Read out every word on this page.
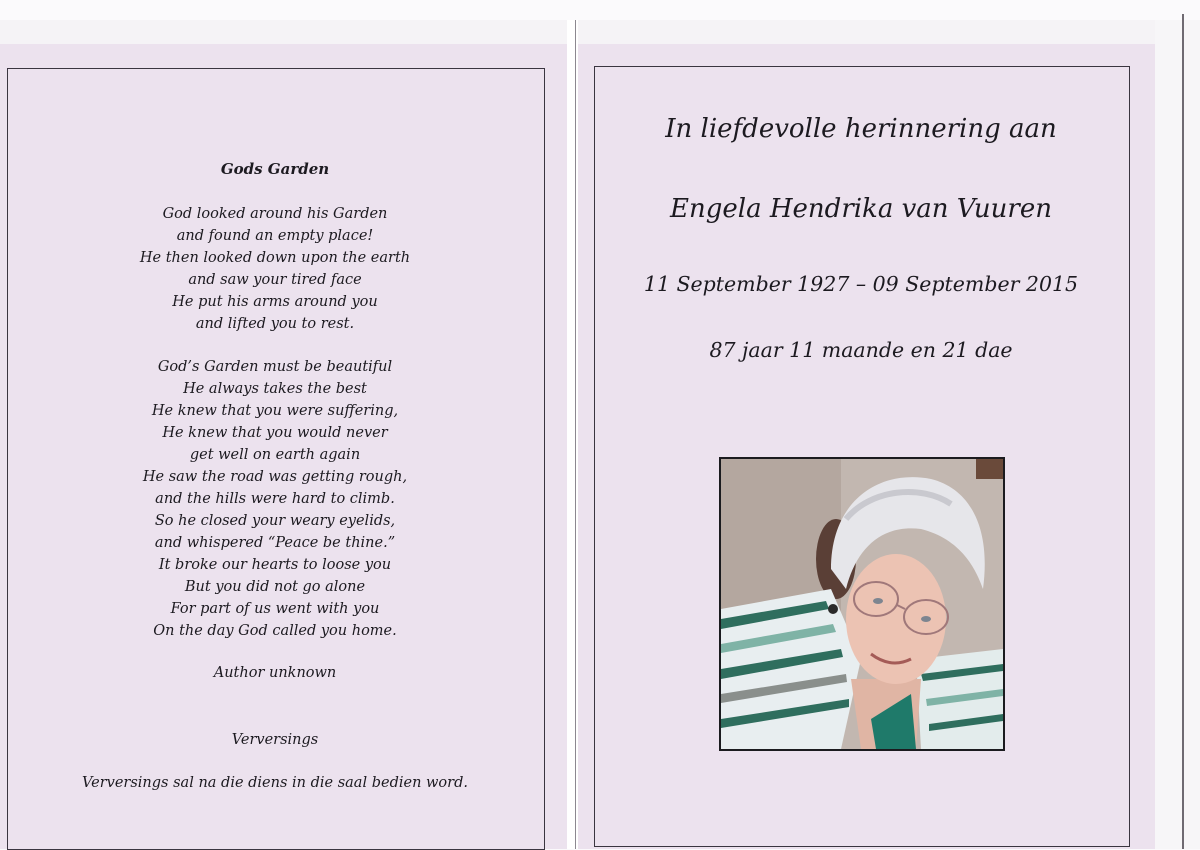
Gods Garden
God looked around his Garden
and found an empty place!
He then looked down upon the earth
and saw your tired face
He put his arms around you
and lifted you to rest.
God’s Garden must be beautiful
He always takes the best
He knew that you were suffering,
He knew that you would never
get well on earth again
He saw the road was getting rough,
and the hills were hard to climb.
So he closed your weary eyelids,
and whispered “Peace be thine.”
It broke our hearts to loose you
But you did not go alone
For part of us went with you
On the day God called you home.
Author unknown
Verversings
Verversings sal na die diens in die saal bedien word.
In liefdevolle herinnering aan
Engela Hendrika van Vuuren
11 September 1927 – 09 September 2015
87 jaar 11 maande en 21 dae
